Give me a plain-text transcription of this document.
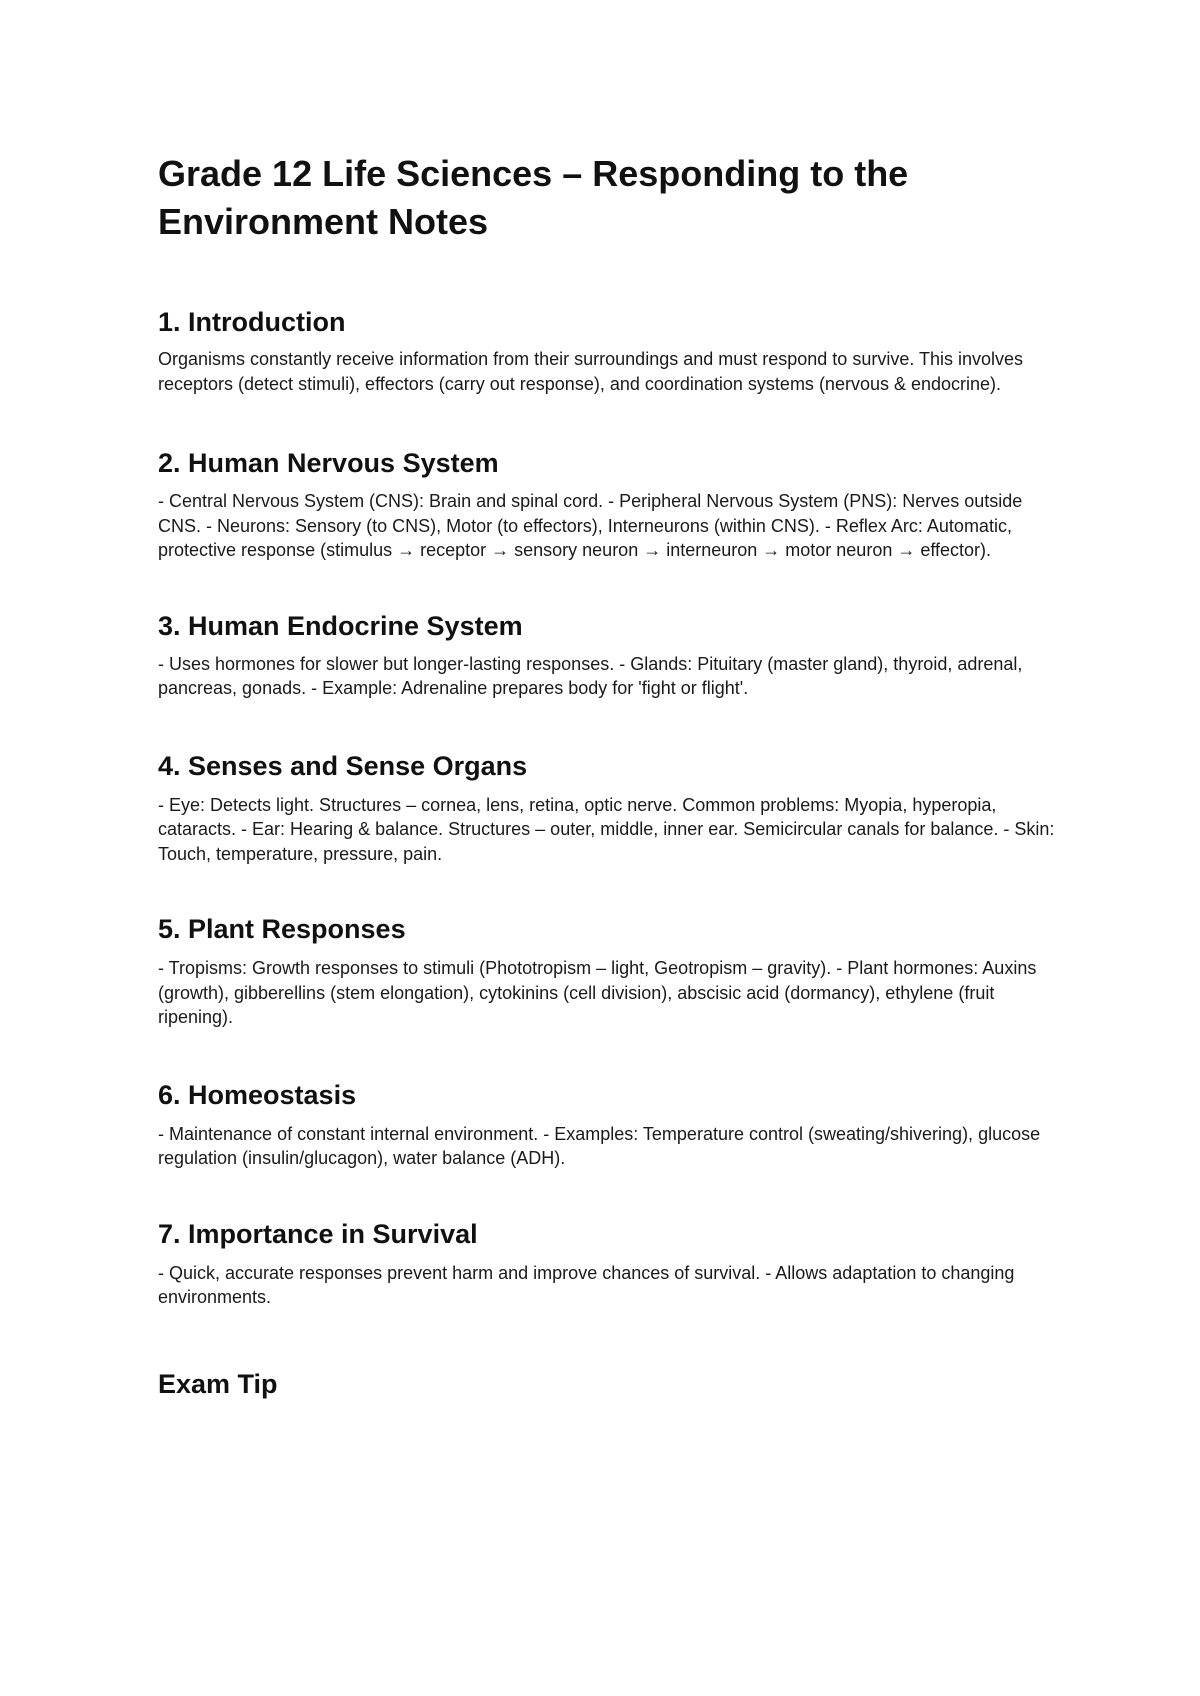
Grade 12 Life Sciences – Responding to the Environment Notes
1. Introduction

Organisms constantly receive information from their surroundings and must respond to survive. This involves receptors (detect stimuli), effectors (carry out response), and coordination systems (nervous & endocrine).

2. Human Nervous System

- Central Nervous System (CNS): Brain and spinal cord. - Peripheral Nervous System (PNS): Nerves outside CNS. - Neurons: Sensory (to CNS), Motor (to effectors), Interneurons (within CNS). - Reflex Arc: Automatic, protective response (stimulus → receptor → sensory neuron → interneuron → motor neuron → effector).

3. Human Endocrine System

- Uses hormones for slower but longer-lasting responses. - Glands: Pituitary (master gland), thyroid, adrenal, pancreas, gonads. - Example: Adrenaline prepares body for 'fight or flight'.

4. Senses and Sense Organs

- Eye: Detects light. Structures – cornea, lens, retina, optic nerve. Common problems: Myopia, hyperopia, cataracts. - Ear: Hearing & balance. Structures – outer, middle, inner ear. Semicircular canals for balance. - Skin: Touch, temperature, pressure, pain.

5. Plant Responses

- Tropisms: Growth responses to stimuli (Phototropism – light, Geotropism – gravity). - Plant hormones: Auxins (growth), gibberellins (stem elongation), cytokinins (cell division), abscisic acid (dormancy), ethylene (fruit ripening).

6. Homeostasis

- Maintenance of constant internal environment. - Examples: Temperature control (sweating/shivering), glucose regulation (insulin/glucagon), water balance (ADH).

7. Importance in Survival

- Quick, accurate responses prevent harm and improve chances of survival. - Allows adaptation to changing environments.

Exam Tip
